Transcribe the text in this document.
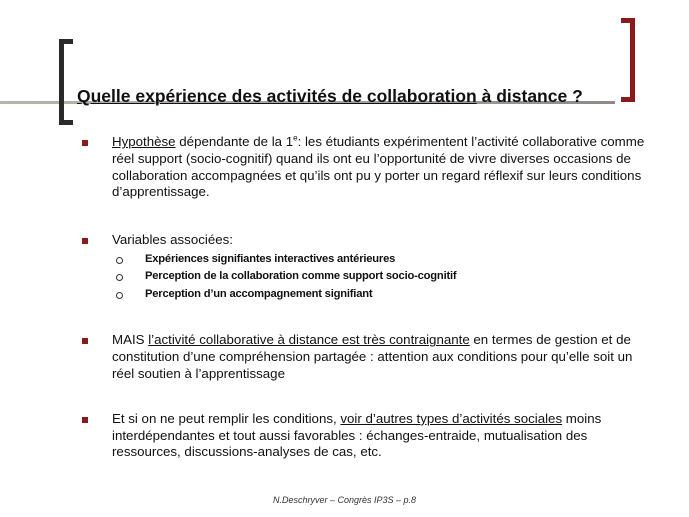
Quelle expérience des activités de collaboration à distance ?
Hypothèse dépendante de la 1e: les étudiants expérimentent l’activité collaborative comme réel support (socio-cognitif) quand ils ont eu l’opportunité de vivre diverses occasions de collaboration accompagnées et qu’ils ont pu y porter un regard réflexif sur leurs conditions d’apprentissage.
Variables associées:
Expériences signifiantes interactives antérieures
Perception de la collaboration comme support socio-cognitif
Perception d’un accompagnement signifiant
MAIS l’activité collaborative à distance est très contraignante en termes de gestion et de constitution d’une compréhension partagée : attention aux conditions pour qu’elle soit un réel soutien à l’apprentissage
Et si on ne peut remplir les conditions, voir d’autres types d’activités sociales moins interdépendantes et tout aussi favorables : échanges-entraide, mutualisation des ressources, discussions-analyses de cas, etc.
N.Deschryver – Congrès IP3S – p.8
